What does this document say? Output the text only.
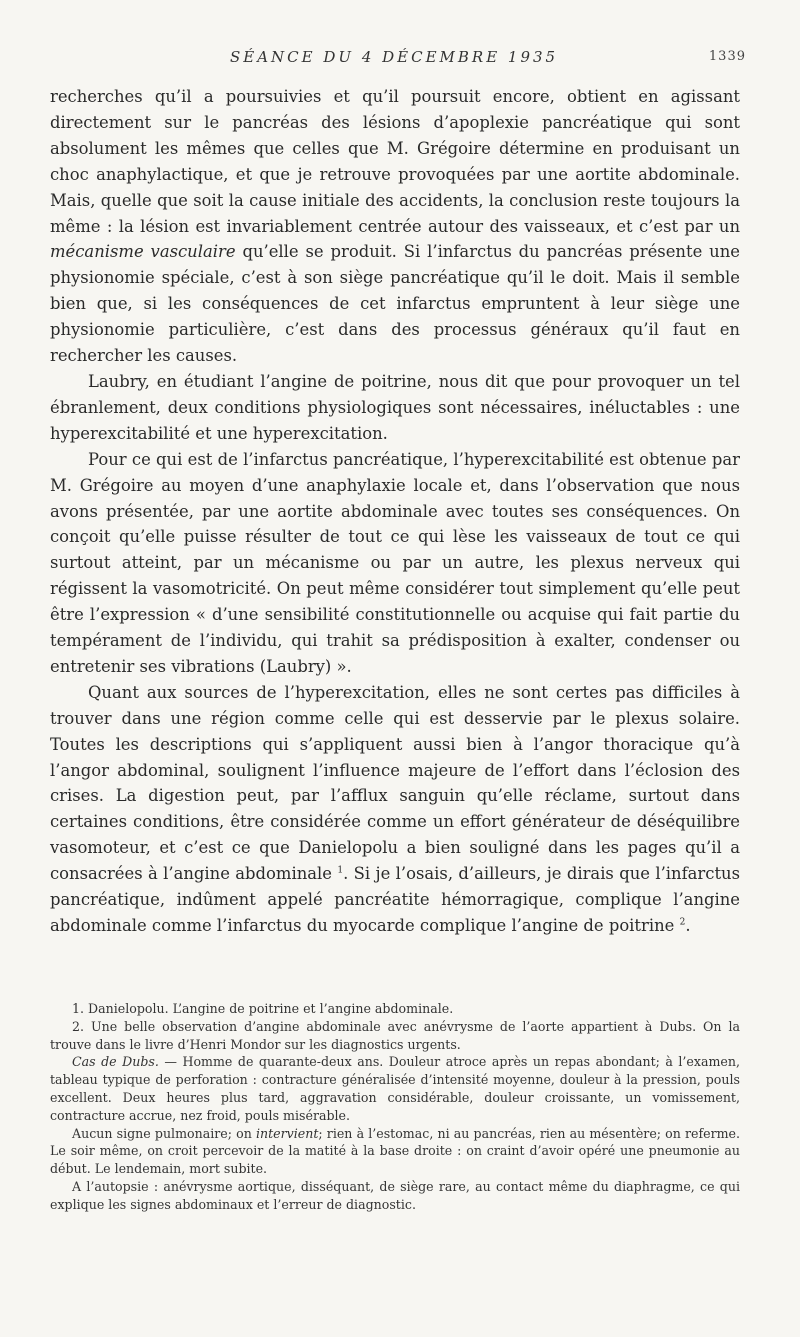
SÉANCE DU 4 DÉCEMBRE 1935	1339

recherches qu’il a poursuivies et qu’il poursuit encore, obtient en agissant directement sur le pancréas des lésions d’apoplexie pancréatique qui sont absolument les mêmes que celles que M. Grégoire détermine en produisant un choc anaphylactique, et que je retrouve provoquées par une aortite abdominale. Mais, quelle que soit la cause initiale des accidents, la conclusion reste toujours la même : la lésion est invariablement centrée autour des vaisseaux, et c’est par un mécanisme vasculaire qu’elle se produit. Si l’infarctus du pancréas présente une physionomie spéciale, c’est à son siège pancréatique qu’il le doit. Mais il semble bien que, si les conséquences de cet infarctus empruntent à leur siège une physionomie particulière, c’est dans des processus généraux qu’il faut en rechercher les causes.

Laubry, en étudiant l’angine de poitrine, nous dit que pour provoquer un tel ébranlement, deux conditions physiologiques sont nécessaires, inéluctables : une hyperexcitabilité et une hyperexcitation.

Pour ce qui est de l’infarctus pancréatique, l’hyperexcitabilité est obtenue par M. Grégoire au moyen d’une anaphylaxie locale et, dans l’observation que nous avons présentée, par une aortite abdominale avec toutes ses conséquences. On conçoit qu’elle puisse résulter de tout ce qui lèse les vaisseaux de tout ce qui surtout atteint, par un mécanisme ou par un autre, les plexus nerveux qui régissent la vasomotricité. On peut même considérer tout simplement qu’elle peut être l’expression « d’une sensibilité constitutionnelle ou acquise qui fait partie du tempérament de l’individu, qui trahit sa prédisposition à exalter, condenser ou entretenir ses vibrations (Laubry) ».

Quant aux sources de l’hyperexcitation, elles ne sont certes pas difficiles à trouver dans une région comme celle qui est desservie par le plexus solaire. Toutes les descriptions qui s’appliquent aussi bien à l’angor thoracique qu’à l’angor abdominal, soulignent l’influence majeure de l’effort dans l’éclosion des crises. La digestion peut, par l’afflux sanguin qu’elle réclame, surtout dans certaines conditions, être considérée comme un effort générateur de déséquilibre vasomoteur, et c’est ce que Danielopolu a bien souligné dans les pages qu’il a consacrées à l’angine abdominale $^1$. Si je l’osais, d’ailleurs, je dirais que l’infarctus pancréatique, indûment appelé pancréatite hémorragique, complique l’angine abdominale comme l’infarctus du myocarde complique l’angine de poitrine $^2$.

1. Danielopolu. L’angine de poitrine et l’angine abdominale.

2. Une belle observation d’angine abdominale avec anévrysme de l’aorte appartient à Dubs. On la trouve dans le livre d’Henri Mondor sur les diagnostics urgents.

Cas de Dubs. — Homme de quarante-deux ans. Douleur atroce après un repas abondant; à l’examen, tableau typique de perforation : contracture généralisée d’intensité moyenne, douleur à la pression, pouls excellent. Deux heures plus tard, aggravation considérable, douleur croissante, un vomissement, contracture accrue, nez froid, pouls misérable.

Aucun signe pulmonaire; on intervient; rien à l’estomac, ni au pancréas, rien au mésentère; on referme. Le soir même, on croit percevoir de la matité à la base droite : on craint d’avoir opéré une pneumonie au début. Le lendemain, mort subite.

A l’autopsie : anévrysme aortique, disséquant, de siège rare, au contact même du diaphragme, ce qui explique les signes abdominaux et l’erreur de diagnostic.
